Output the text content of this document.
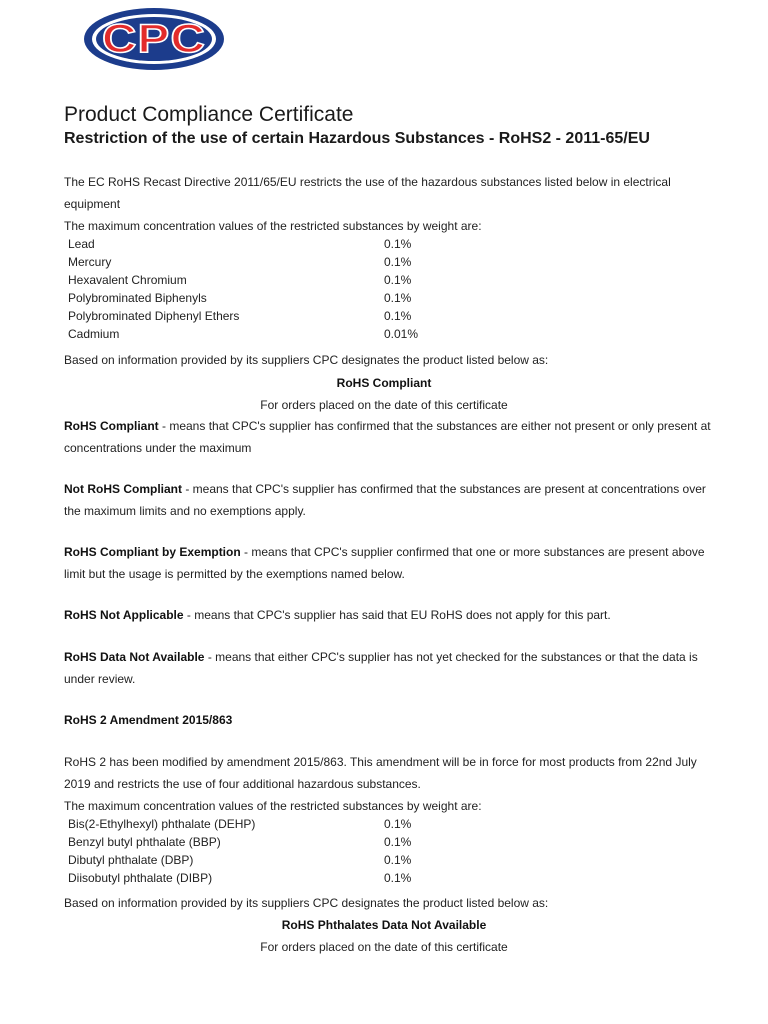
CPC
Product Compliance Certificate
Restriction of the use of certain Hazardous Substances - RoHS2 - 2011-65/EU

The EC RoHS Recast Directive 2011/65/EU restricts the use of the hazardous substances listed below in electrical equipment

The maximum concentration values of the restricted substances by weight are:

Lead	0.1%
Mercury	0.1%
Hexavalent Chromium	0.1%
Polybrominated Biphenyls	0.1%
Polybrominated Diphenyl Ethers	0.1%
Cadmium	0.01%

Based on information provided by its suppliers CPC designates the product listed below as:

RoHS Compliant
For orders placed on the date of this certificate

RoHS Compliant - means that CPC's supplier has confirmed that the substances are either not present or only present at concentrations under the maximum

Not RoHS Compliant - means that CPC's supplier has confirmed that the substances are present at concentrations over the maximum limits and no exemptions apply.

RoHS Compliant by Exemption - means that CPC's supplier confirmed that one or more substances are present above limit but the usage is permitted by the exemptions named below.

RoHS Not Applicable - means that CPC's supplier has said that EU RoHS does not apply for this part.

RoHS Data Not Available - means that either CPC's supplier has not yet checked for the substances or that the data is under review.

RoHS 2 Amendment 2015/863

RoHS 2 has been modified by amendment 2015/863. This amendment will be in force for most products from 22nd July 2019 and restricts the use of four additional hazardous substances.

The maximum concentration values of the restricted substances by weight are:

Bis(2-Ethylhexyl) phthalate (DEHP)	0.1%
Benzyl butyl phthalate (BBP)	0.1%
Dibutyl phthalate (DBP)	0.1%
Diisobutyl phthalate (DIBP)	0.1%

Based on information provided by its suppliers CPC designates the product listed below as:

RoHS Phthalates Data Not Available
For orders placed on the date of this certificate
